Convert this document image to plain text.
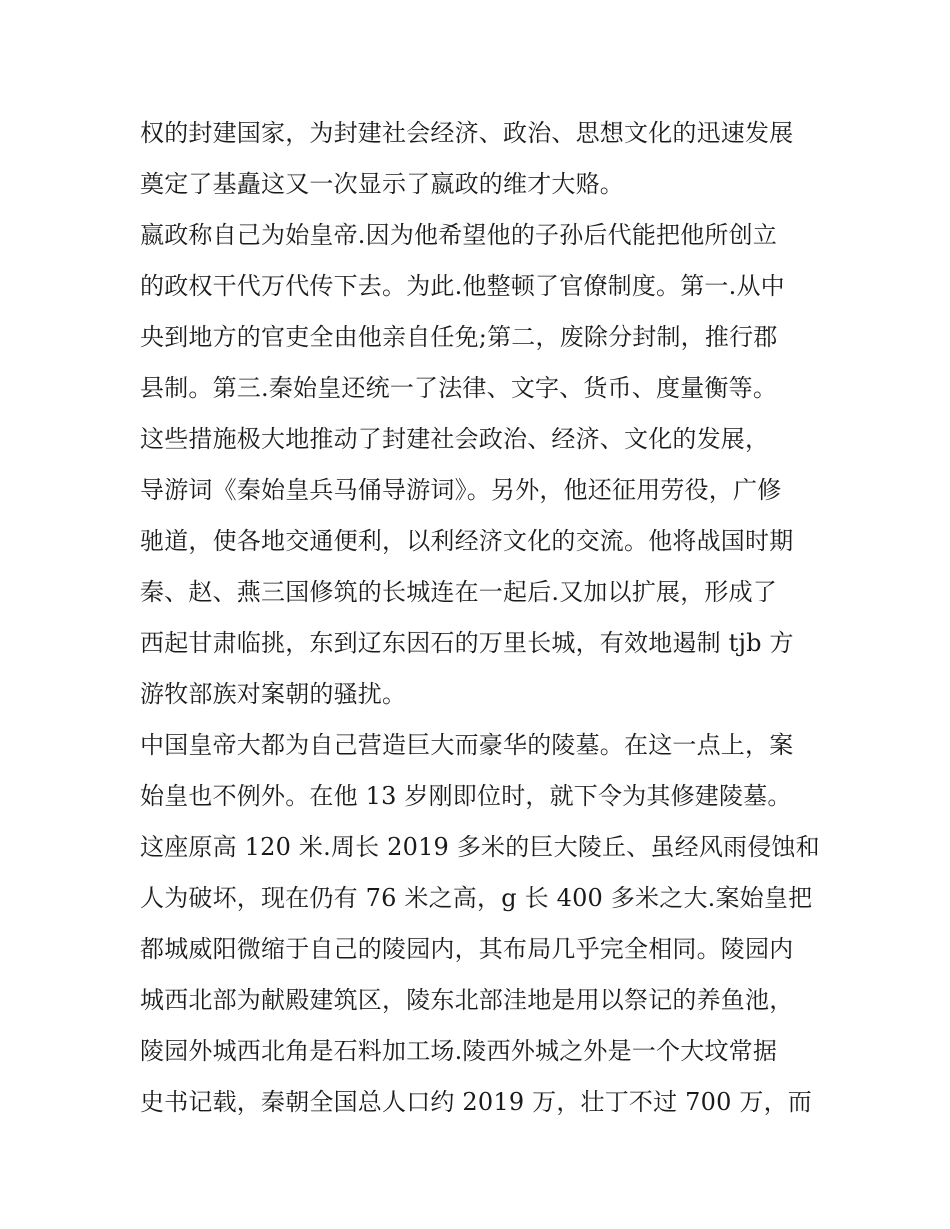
权的封建国家，为封建社会经济、政治、思想文化的迅速发展
奠定了基矗这又一次显示了嬴政的维才大赂。
嬴政称自己为始皇帝.因为他希望他的子孙后代能把他所创立
的政权干代万代传下去。为此.他整顿了官僚制度。第一.从中
央到地方的官吏全由他亲自任免;第二，废除分封制，推行郡
县制。第三.秦始皇还统一了法律、文字、货币、度量衡等。
这些措施极大地推动了封建社会政治、经济、文化的发展，
导游词《秦始皇兵马俑导游词》。另外，他还征用劳役，广修
驰道，使各地交通便利，以利经济文化的交流。他将战国时期
秦、赵、燕三国修筑的长城连在一起后.又加以扩展，形成了
西起甘肃临挑，东到辽东因石的万里长城，有效地遏制 tjb 方
游牧部族对案朝的骚扰。
中国皇帝大都为自己营造巨大而豪华的陵墓。在这一点上，案
始皇也不例外。在他 13 岁刚即位时，就下令为其修建陵墓。
这座原高 120 米.周长 2019 多米的巨大陵丘、虽经风雨侵蚀和
人为破坏，现在仍有 76 米之高，g 长 400 多米之大.案始皇把
都城威阳微缩于自己的陵园内，其布局几乎完全相同。陵园内
城西北部为献殿建筑区，陵东北部洼地是用以祭记的养鱼池，
陵园外城西北角是石料加工场.陵西外城之外是一个大坟常据
史书记载，秦朝全国总人口约 2019 万，壮丁不过 700 万，而
